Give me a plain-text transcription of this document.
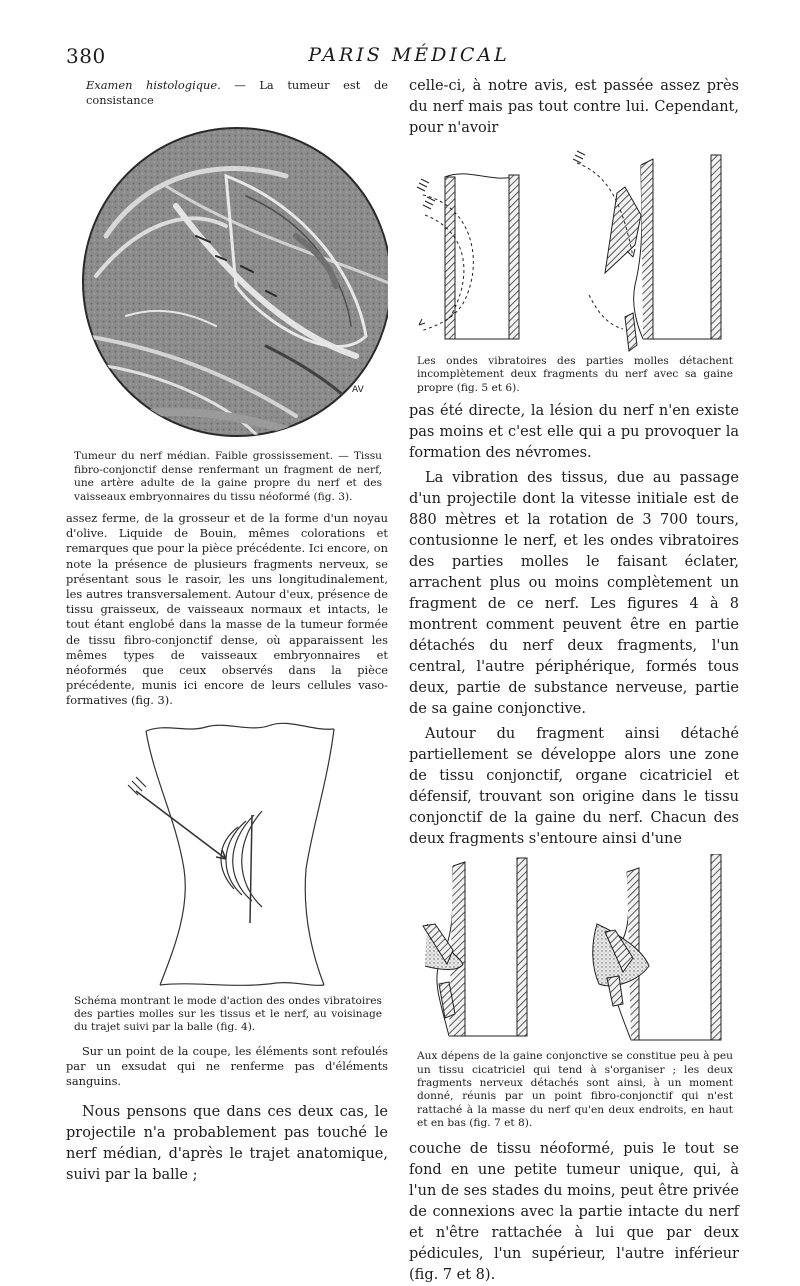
380	PARIS MÉDICAL

Examen histologique. — La tumeur est de consistance

AV

Tumeur du nerf médian. Faible grossissement. — Tissu fibro-conjonctif dense renfermant un fragment de nerf, une artère adulte de la gaine propre du nerf et des vaisseaux embryonnaires du tissu néoformé (fig. 3).

assez ferme, de la grosseur et de la forme d'un noyau d'olive. Liquide de Bouin, mêmes colorations et remarques que pour la pièce précédente. Ici encore, on note la présence de plusieurs fragments nerveux, se présentant sous le rasoir, les uns longitudinalement, les autres transversalement. Autour d'eux, présence de tissu graisseux, de vaisseaux normaux et intacts, le tout étant englobé dans la masse de la tumeur formée de tissu fibro-conjonctif dense, où apparaissent les mêmes types de vaisseaux embryonnaires et néoformés que ceux observés dans la pièce précédente, munis ici encore de leurs cellules vaso-formatives (fig. 3).

Schéma montrant le mode d'action des ondes vibratoires des parties molles sur les tissus et le nerf, au voisinage du trajet suivi par la balle (fig. 4).

Sur un point de la coupe, les éléments sont refoulés par un exsudat qui ne renferme pas d'éléments sanguins.

Nous pensons que dans ces deux cas, le projectile n'a probablement pas touché le nerf médian, d'après le trajet anatomique, suivi par la balle ;

celle-ci, à notre avis, est passée assez près du nerf mais pas tout contre lui. Cependant, pour n'avoir

Les ondes vibratoires des parties molles détachent incomplètement deux fragments du nerf avec sa gaine propre (fig. 5 et 6).

pas été directe, la lésion du nerf n'en existe pas moins et c'est elle qui a pu provoquer la formation des névromes.

La vibration des tissus, due au passage d'un projectile dont la vitesse initiale est de 880 mètres et la rotation de 3 700 tours, contusionne le nerf, et les ondes vibratoires des parties molles le faisant éclater, arrachent plus ou moins complètement un fragment de ce nerf. Les figures 4 à 8 montrent comment peuvent être en partie détachés du nerf deux fragments, l'un central, l'autre périphérique, formés tous deux, partie de substance nerveuse, partie de sa gaine conjonctive.

Autour du fragment ainsi détaché partiellement se développe alors une zone de tissu conjonctif, organe cicatriciel et défensif, trouvant son origine dans le tissu conjonctif de la gaine du nerf. Chacun des deux fragments s'entoure ainsi d'une

Aux dépens de la gaine conjonctive se constitue peu à peu un tissu cicatriciel qui tend à s'organiser ; les deux fragments nerveux détachés sont ainsi, à un moment donné, réunis par un point fibro-conjonctif qui n'est rattaché à la masse du nerf qu'en deux endroits, en haut et en bas (fig. 7 et 8).

couche de tissu néoformé, puis le tout se fond en une petite tumeur unique, qui, à l'un de ses stades du moins, peut être privée de connexions avec la partie intacte du nerf et n'être rattachée à lui que par deux pédicules, l'un supérieur, l'autre inférieur (fig. 7 et 8).
